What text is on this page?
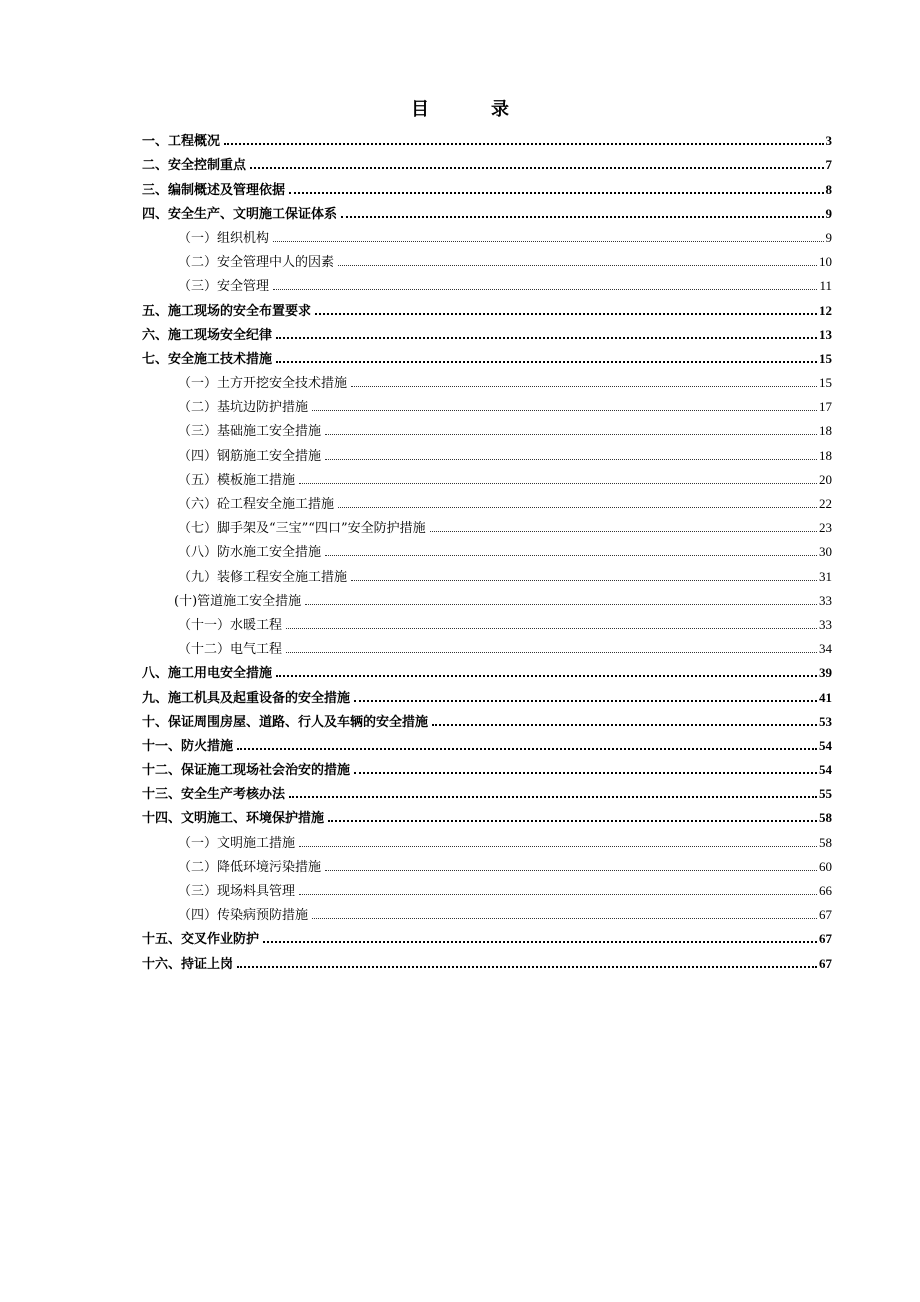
目录
一、工程概况	3
二、安全控制重点	7
三、编制概述及管理依据	8
四、安全生产、文明施工保证体系	9
（一）组织机构	9
（二）安全管理中人的因素	10
（三）安全管理	11
五、施工现场的安全布置要求	12
六、施工现场安全纪律	13
七、安全施工技术措施	15
（一）土方开挖安全技术措施	15
（二）基坑边防护措施	17
（三）基础施工安全措施	18
（四）钢筋施工安全措施	18
（五）模板施工措施	20
（六）砼工程安全施工措施	22
（七）脚手架及“三宝”“四口”安全防护措施	23
（八）防水施工安全措施	30
（九）装修工程安全施工措施	31
(十)管道施工安全措施	33
（十一）水暖工程	33
（十二）电气工程	34
八、施工用电安全措施	39
九、施工机具及起重设备的安全措施	41
十、保证周围房屋、道路、行人及车辆的安全措施	53
十一、防火措施	54
十二、保证施工现场社会治安的措施	54
十三、安全生产考核办法	55
十四、文明施工、环境保护措施	58
（一）文明施工措施	58
（二）降低环境污染措施	60
（三）现场料具管理	66
（四）传染病预防措施	67
十五、交叉作业防护	67
十六、持证上岗	67
